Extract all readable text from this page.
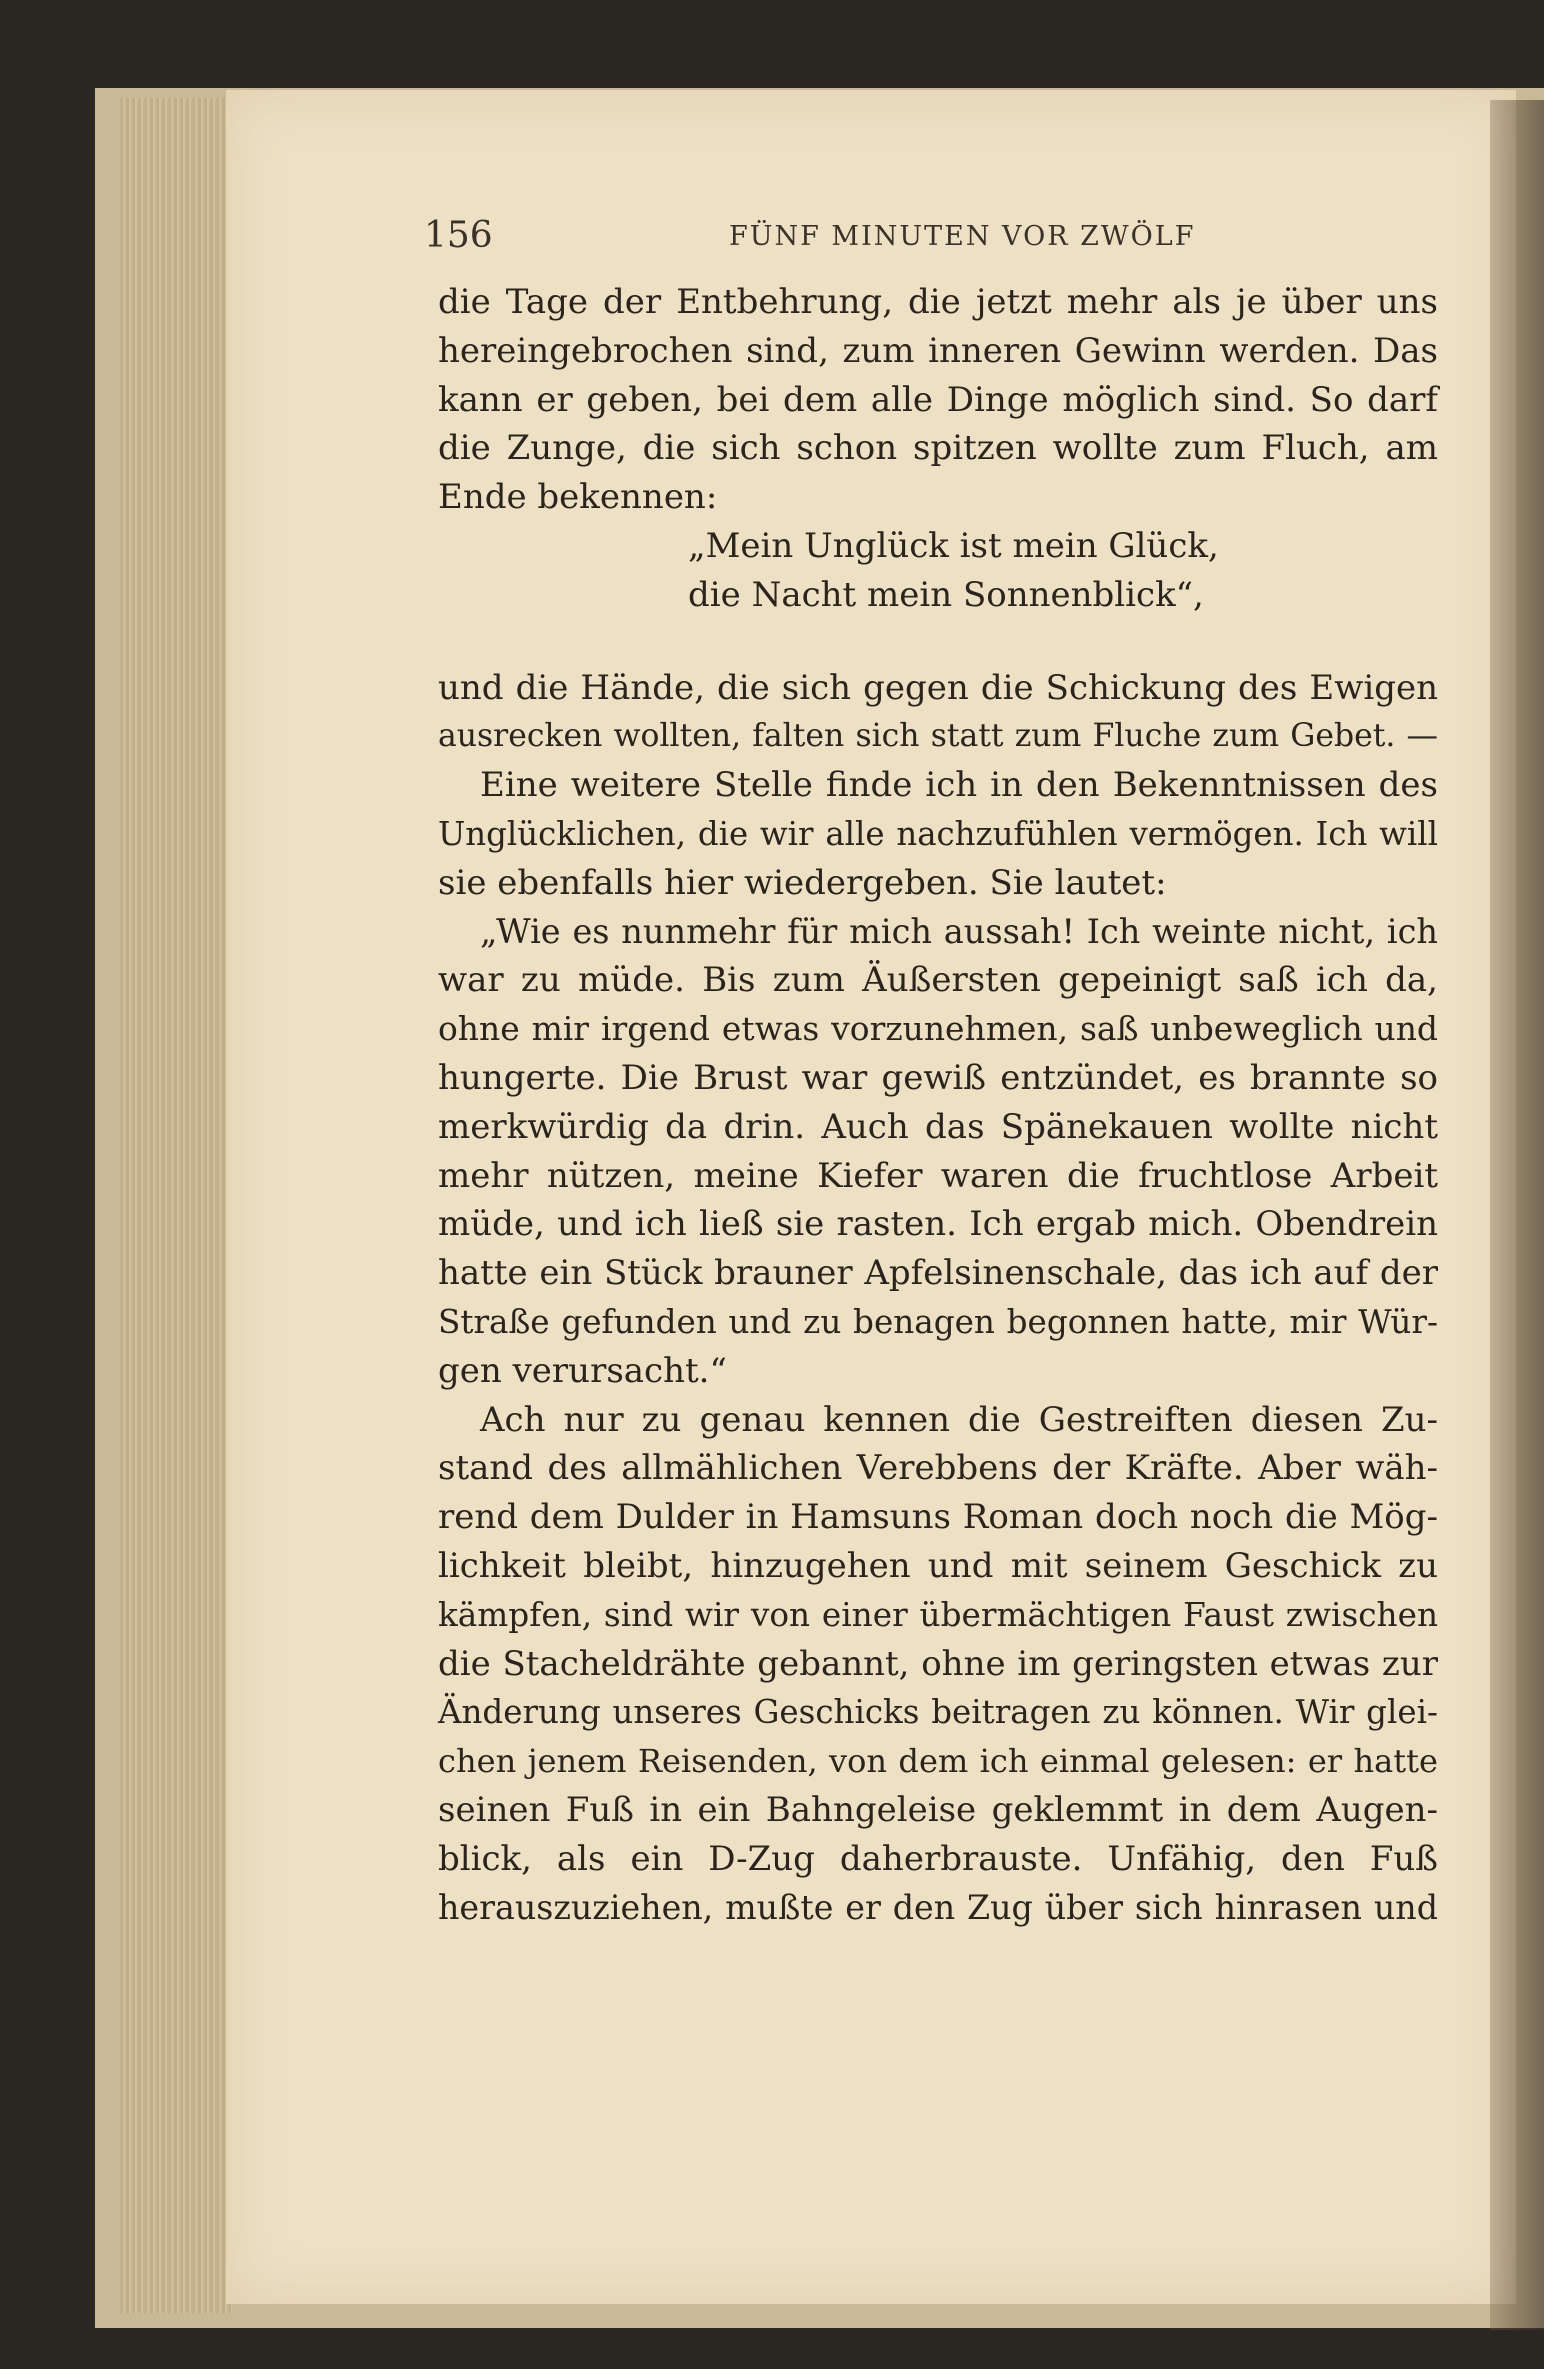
156	FÜNF MINUTEN VOR ZWÖLF
die Tage der Entbehrung, die jetzt mehr als je über uns
hereingebrochen sind, zum inneren Gewinn werden. Das
kann er geben, bei dem alle Dinge möglich sind. So darf
die Zunge, die sich schon spitzen wollte zum Fluch, am
Ende bekennen:
„Mein Unglück ist mein Glück,
die Nacht mein Sonnenblick“,
und die Hände, die sich gegen die Schickung des Ewigen
ausrecken wollten, falten sich statt zum Fluche zum Gebet. —
Eine weitere Stelle finde ich in den Bekenntnissen des
Unglücklichen, die wir alle nachzufühlen vermögen. Ich will
sie ebenfalls hier wiedergeben. Sie lautet:
„Wie es nunmehr für mich aussah! Ich weinte nicht, ich
war zu müde. Bis zum Äußersten gepeinigt saß ich da,
ohne mir irgend etwas vorzunehmen, saß unbeweglich und
hungerte. Die Brust war gewiß entzündet, es brannte so
merkwürdig da drin. Auch das Spänekauen wollte nicht
mehr nützen, meine Kiefer waren die fruchtlose Arbeit
müde, und ich ließ sie rasten. Ich ergab mich. Obendrein
hatte ein Stück brauner Apfelsinenschale, das ich auf der
Straße gefunden und zu benagen begonnen hatte, mir Wür-
gen verursacht.“
Ach nur zu genau kennen die Gestreiften diesen Zu-
stand des allmählichen Verebbens der Kräfte. Aber wäh-
rend dem Dulder in Hamsuns Roman doch noch die Mög-
lichkeit bleibt, hinzugehen und mit seinem Geschick zu
kämpfen, sind wir von einer übermächtigen Faust zwischen
die Stacheldrähte gebannt, ohne im geringsten etwas zur
Änderung unseres Geschicks beitragen zu können. Wir glei-
chen jenem Reisenden, von dem ich einmal gelesen: er hatte
seinen Fuß in ein Bahngeleise geklemmt in dem Augen-
blick, als ein D-Zug daherbrauste. Unfähig, den Fuß
herauszuziehen, mußte er den Zug über sich hinrasen und
